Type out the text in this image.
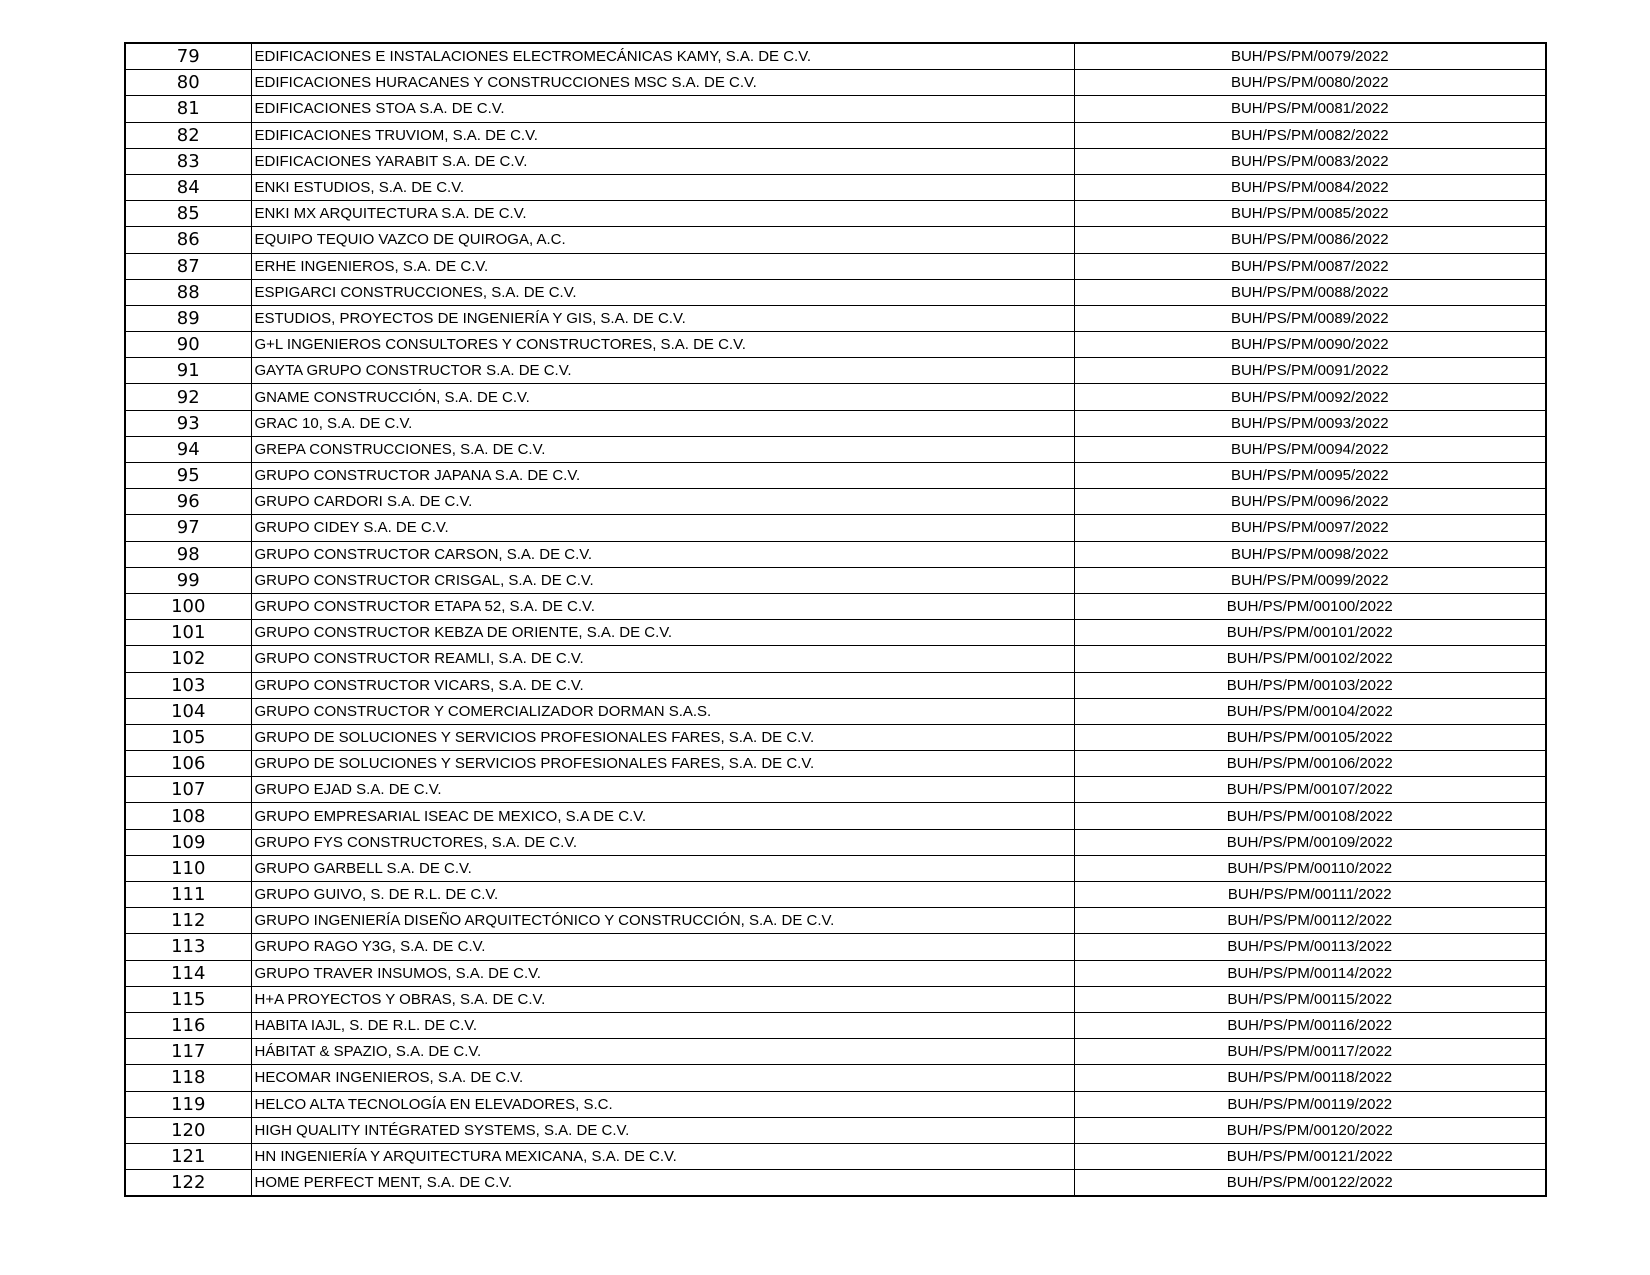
79	EDIFICACIONES E INSTALACIONES ELECTROMECÁNICAS KAMY, S.A. DE C.V.	BUH/PS/PM/0079/2022
80	EDIFICACIONES HURACANES Y CONSTRUCCIONES MSC S.A. DE C.V.	BUH/PS/PM/0080/2022
81	EDIFICACIONES STOA S.A. DE C.V.	BUH/PS/PM/0081/2022
82	EDIFICACIONES TRUVIOM, S.A. DE C.V.	BUH/PS/PM/0082/2022
83	EDIFICACIONES YARABIT S.A. DE C.V.	BUH/PS/PM/0083/2022
84	ENKI ESTUDIOS, S.A. DE C.V.	BUH/PS/PM/0084/2022
85	ENKI MX ARQUITECTURA S.A. DE C.V.	BUH/PS/PM/0085/2022
86	EQUIPO TEQUIO VAZCO DE QUIROGA, A.C.	BUH/PS/PM/0086/2022
87	ERHE INGENIEROS, S.A. DE C.V.	BUH/PS/PM/0087/2022
88	ESPIGARCI CONSTRUCCIONES, S.A. DE C.V.	BUH/PS/PM/0088/2022
89	ESTUDIOS, PROYECTOS DE INGENIERÍA Y GIS, S.A. DE C.V.	BUH/PS/PM/0089/2022
90	G+L INGENIEROS CONSULTORES Y CONSTRUCTORES, S.A. DE C.V.	BUH/PS/PM/0090/2022
91	GAYTA GRUPO CONSTRUCTOR S.A. DE C.V.	BUH/PS/PM/0091/2022
92	GNAME CONSTRUCCIÓN, S.A. DE C.V.	BUH/PS/PM/0092/2022
93	GRAC 10, S.A. DE C.V.	BUH/PS/PM/0093/2022
94	GREPA CONSTRUCCIONES, S.A. DE C.V.	BUH/PS/PM/0094/2022
95	GRUPO CONSTRUCTOR JAPANA S.A. DE C.V.	BUH/PS/PM/0095/2022
96	GRUPO CARDORI S.A. DE C.V.	BUH/PS/PM/0096/2022
97	GRUPO CIDEY S.A. DE C.V.	BUH/PS/PM/0097/2022
98	GRUPO CONSTRUCTOR CARSON, S.A. DE C.V.	BUH/PS/PM/0098/2022
99	GRUPO CONSTRUCTOR CRISGAL, S.A. DE C.V.	BUH/PS/PM/0099/2022
100	GRUPO CONSTRUCTOR ETAPA 52, S.A. DE C.V.	BUH/PS/PM/00100/2022
101	GRUPO CONSTRUCTOR KEBZA DE ORIENTE, S.A. DE C.V.	BUH/PS/PM/00101/2022
102	GRUPO CONSTRUCTOR REAMLI, S.A. DE C.V.	BUH/PS/PM/00102/2022
103	GRUPO CONSTRUCTOR VICARS, S.A. DE C.V.	BUH/PS/PM/00103/2022
104	GRUPO CONSTRUCTOR Y COMERCIALIZADOR DORMAN S.A.S.	BUH/PS/PM/00104/2022
105	GRUPO DE SOLUCIONES Y SERVICIOS PROFESIONALES FARES, S.A. DE C.V.	BUH/PS/PM/00105/2022
106	GRUPO DE SOLUCIONES Y SERVICIOS PROFESIONALES FARES, S.A. DE C.V.	BUH/PS/PM/00106/2022
107	GRUPO EJAD S.A. DE C.V.	BUH/PS/PM/00107/2022
108	GRUPO EMPRESARIAL ISEAC DE MEXICO, S.A DE C.V.	BUH/PS/PM/00108/2022
109	GRUPO FYS CONSTRUCTORES, S.A. DE C.V.	BUH/PS/PM/00109/2022
110	GRUPO GARBELL S.A. DE C.V.	BUH/PS/PM/00110/2022
111	GRUPO GUIVO, S. DE R.L. DE C.V.	BUH/PS/PM/00111/2022
112	GRUPO INGENIERÍA DISEÑO ARQUITECTÓNICO Y CONSTRUCCIÓN, S.A. DE C.V.	BUH/PS/PM/00112/2022
113	GRUPO RAGO Y3G, S.A. DE C.V.	BUH/PS/PM/00113/2022
114	GRUPO TRAVER INSUMOS, S.A. DE C.V.	BUH/PS/PM/00114/2022
115	H+A PROYECTOS Y OBRAS, S.A. DE C.V.	BUH/PS/PM/00115/2022
116	HABITA IAJL, S. DE R.L. DE C.V.	BUH/PS/PM/00116/2022
117	HÁBITAT & SPAZIO, S.A. DE C.V.	BUH/PS/PM/00117/2022
118	HECOMAR INGENIEROS, S.A. DE C.V.	BUH/PS/PM/00118/2022
119	HELCO ALTA TECNOLOGÍA EN ELEVADORES, S.C.	BUH/PS/PM/00119/2022
120	HIGH QUALITY INTÉGRATED SYSTEMS, S.A. DE C.V.	BUH/PS/PM/00120/2022
121	HN INGENIERÍA Y ARQUITECTURA MEXICANA, S.A. DE C.V.	BUH/PS/PM/00121/2022
122	HOME PERFECT MENT, S.A. DE C.V.	BUH/PS/PM/00122/2022
